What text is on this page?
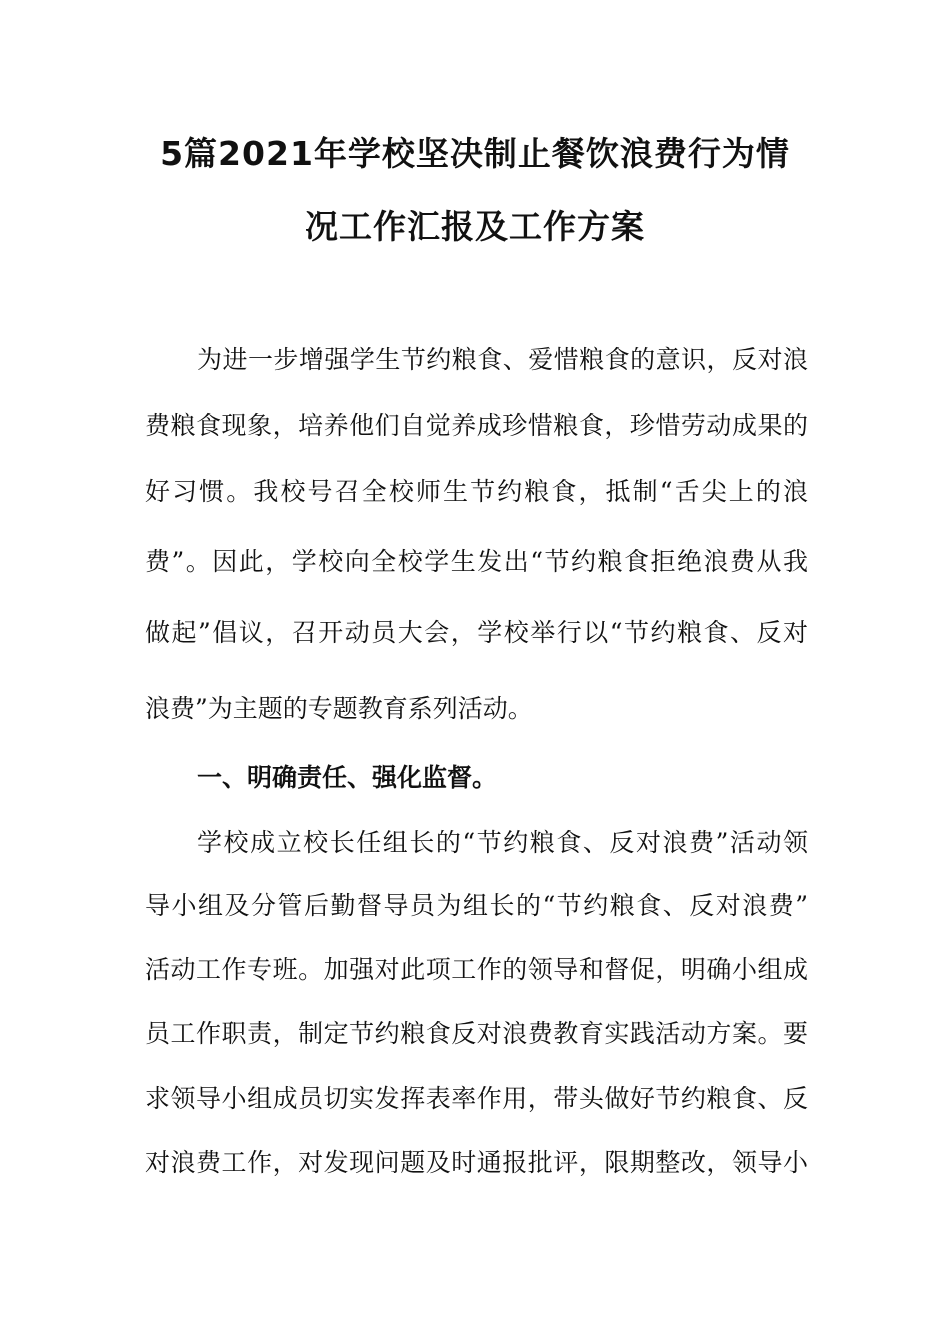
5篇2021年学校坚决制止餐饮浪费行为情
况工作汇报及工作方案
为进一步增强学生节约粮食、爱惜粮食的意识，反对浪
费粮食现象，培养他们自觉养成珍惜粮食，珍惜劳动成果的
好习惯。我校号召全校师生节约粮食，抵制“舌尖上的浪
费”。因此，学校向全校学生发出“节约粮食拒绝浪费从我
做起”倡议，召开动员大会，学校举行以“节约粮食、反对
浪费”为主题的专题教育系列活动。
一、明确责任、强化监督。
学校成立校长任组长的“节约粮食、反对浪费”活动领
导小组及分管后勤督导员为组长的“节约粮食、反对浪费”
活动工作专班。加强对此项工作的领导和督促，明确小组成
员工作职责，制定节约粮食反对浪费教育实践活动方案。要
求领导小组成员切实发挥表率作用，带头做好节约粮食、反
对浪费工作，对发现问题及时通报批评，限期整改，领导小
